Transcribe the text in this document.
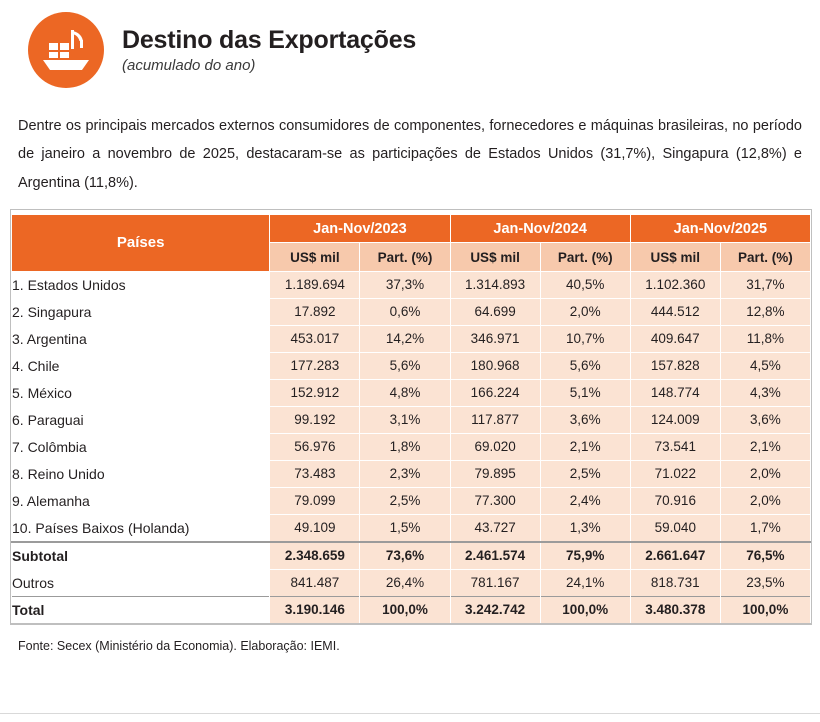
Destino das Exportações
(acumulado do ano)

Dentre os principais mercados externos consumidores de componentes, fornecedores e máquinas brasileiras, no período de janeiro a novembro de 2025, destacaram-se as participações de Estados Unidos (31,7%), Singapura (12,8%) e Argentina (11,8%).

Países	Jan-Nov/2023		Jan-Nov/2024		Jan-Nov/2025	
	US$ mil	Part. (%)	US$ mil	Part. (%)	US$ mil	Part. (%)
1. Estados Unidos	1.189.694	37,3%	1.314.893	40,5%	1.102.360	31,7%
2. Singapura	17.892	0,6%	64.699	2,0%	444.512	12,8%
3. Argentina	453.017	14,2%	346.971	10,7%	409.647	11,8%
4. Chile	177.283	5,6%	180.968	5,6%	157.828	4,5%
5. México	152.912	4,8%	166.224	5,1%	148.774	4,3%
6. Paraguai	99.192	3,1%	117.877	3,6%	124.009	3,6%
7. Colômbia	56.976	1,8%	69.020	2,1%	73.541	2,1%
8. Reino Unido	73.483	2,3%	79.895	2,5%	71.022	2,0%
9. Alemanha	79.099	2,5%	77.300	2,4%	70.916	2,0%
10. Países Baixos (Holanda)	49.109	1,5%	43.727	1,3%	59.040	1,7%
Subtotal	2.348.659	73,6%	2.461.574	75,9%	2.661.647	76,5%
Outros	841.487	26,4%	781.167	24,1%	818.731	23,5%
Total	3.190.146	100,0%	3.242.742	100,0%	3.480.378	100,0%
Fonte: Secex (Ministério da Economia). Elaboração: IEMI.
